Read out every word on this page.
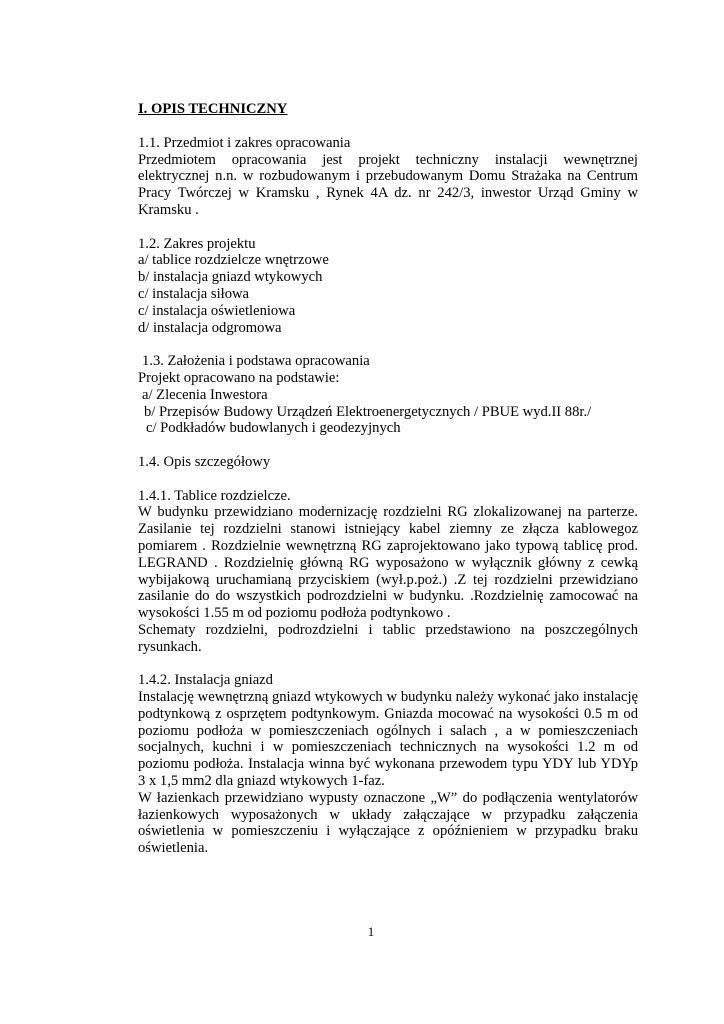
I. OPIS TECHNICZNY

1.1. Przedmiot i zakres opracowania

Przedmiotem opracowania jest projekt techniczny instalacji wewnętrznej elektrycznej n.n. w rozbudowanym i przebudowanym Domu Strażaka na Centrum Pracy Twórczej w Kramsku , Rynek 4A dz. nr 242/3, inwestor Urząd Gminy w Kramsku .

1.2. Zakres projektu

a/ tablice rozdzielcze wnętrzowe

b/ instalacja gniazd wtykowych

c/ instalacja siłowa

c/ instalacja oświetleniowa

d/ instalacja odgromowa

1.3. Założenia i podstawa opracowania

Projekt opracowano na podstawie:

a/ Zlecenia Inwestora

b/ Przepisów Budowy Urządzeń Elektroenergetycznych / PBUE wyd.II 88r./

c/ Podkładów budowlanych i geodezyjnych

1.4. Opis szczegółowy

1.4.1. Tablice rozdzielcze.

W budynku przewidziano modernizację rozdzielni RG zlokalizowanej na parterze. Zasilanie tej rozdzielni stanowi istniejący kabel ziemny ze złącza kablowegoz pomiarem . Rozdzielnie wewnętrzną RG zaprojektowano jako typową tablicę prod. LEGRAND . Rozdzielnię główną RG wyposażono w wyłącznik główny z cewką wybijakową uruchamianą przyciskiem (wył.p.poż.) .Z tej rozdzielni przewidziano zasilanie do do wszystkich podrozdzielni w budynku. .Rozdzielnię zamocować na wysokości 1.55 m od poziomu podłoża podtynkowo .

Schematy rozdzielni, podrozdzielni i tablic przedstawiono na poszczególnych rysunkach.

1.4.2. Instalacja gniazd

Instalację wewnętrzną gniazd wtykowych w budynku należy wykonać jako instalację podtynkową z osprzętem podtynkowym. Gniazda mocować na wysokości 0.5 m od poziomu podłoża w pomieszczeniach ogólnych i salach , a w pomieszczeniach socjalnych, kuchni i w pomieszczeniach technicznych na wysokości 1.2 m od poziomu podłoża. Instalacja winna być wykonana przewodem typu YDY lub YDYp 3 x 1,5 mm2 dla gniazd wtykowych 1-faz.

W łazienkach przewidziano wypusty oznaczone „W” do podłączenia wentylatorów łazienkowych wyposażonych w układy załączające w przypadku załączenia oświetlenia w pomieszczeniu i wyłączające z opóźnieniem w przypadku braku oświetlenia.

1
